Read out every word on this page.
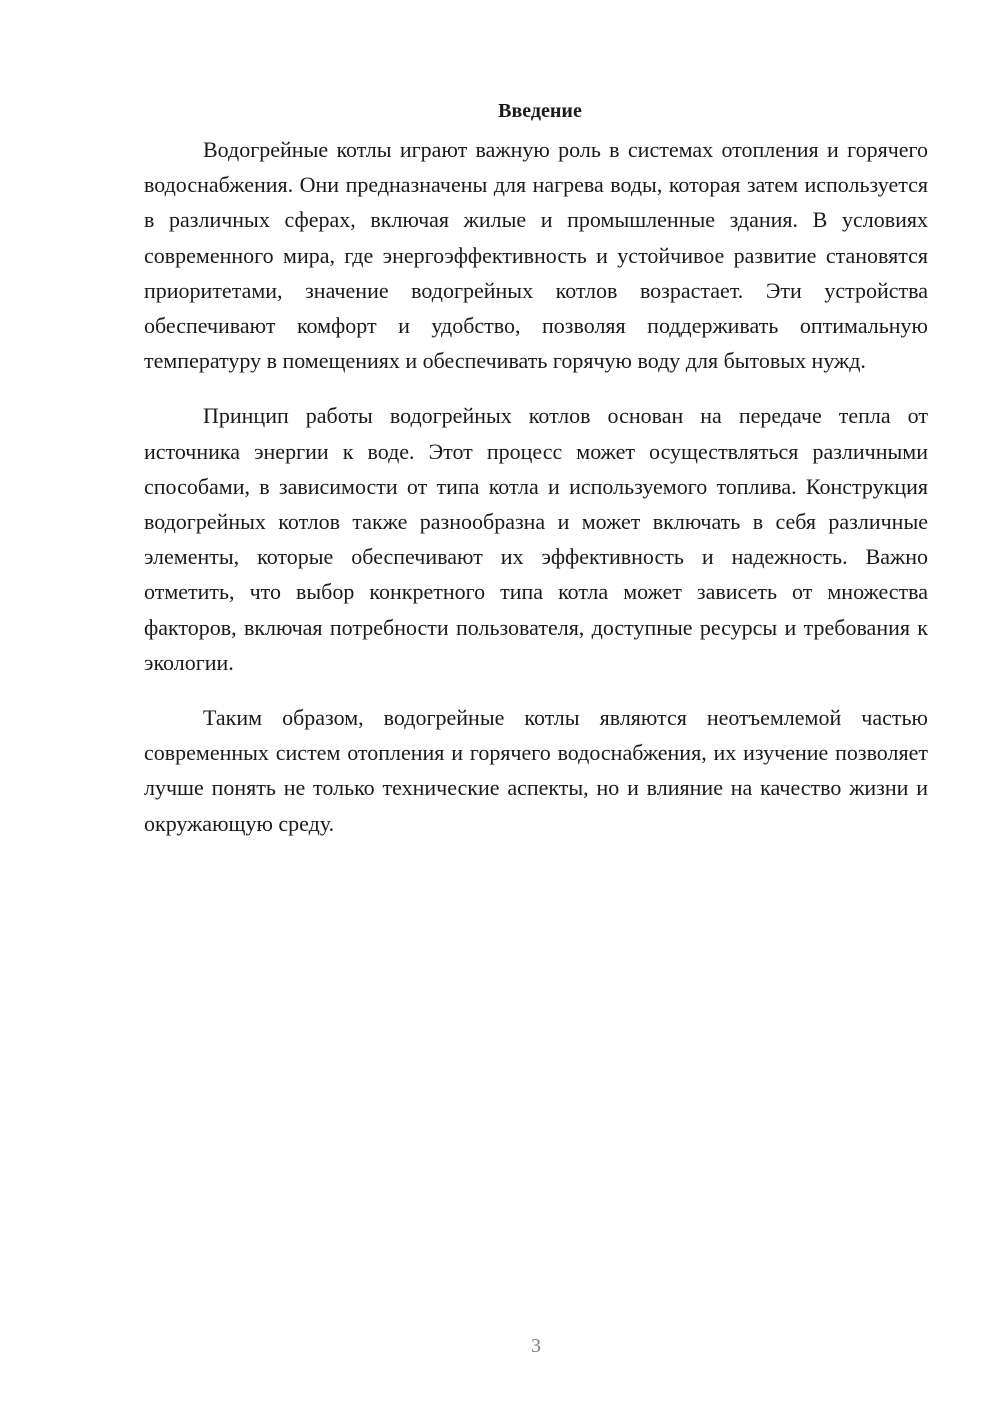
Введение

Водогрейные котлы играют важную роль в системах отопления и горячего водоснабжения. Они предназначены для нагрева воды, которая затем используется в различных сферах, включая жилые и промышленные здания. В условиях современного мира, где энергоэффективность и устойчивое развитие становятся приоритетами, значение водогрейных котлов возрастает. Эти устройства обеспечивают комфорт и удобство, позволяя поддерживать оптимальную температуру в помещениях и обеспечивать горячую воду для бытовых нужд.

Принцип работы водогрейных котлов основан на передаче тепла от источника энергии к воде. Этот процесс может осуществляться различными способами, в зависимости от типа котла и используемого топлива. Конструкция водогрейных котлов также разнообразна и может включать в себя различные элементы, которые обеспечивают их эффективность и надежность. Важно отметить, что выбор конкретного типа котла может зависеть от множества факторов, включая потребности пользователя, доступные ресурсы и требования к экологии.

Таким образом, водогрейные котлы являются неотъемлемой частью современных систем отопления и горячего водоснабжения, их изучение позволяет лучше понять не только технические аспекты, но и влияние на качество жизни и окружающую среду.

3
